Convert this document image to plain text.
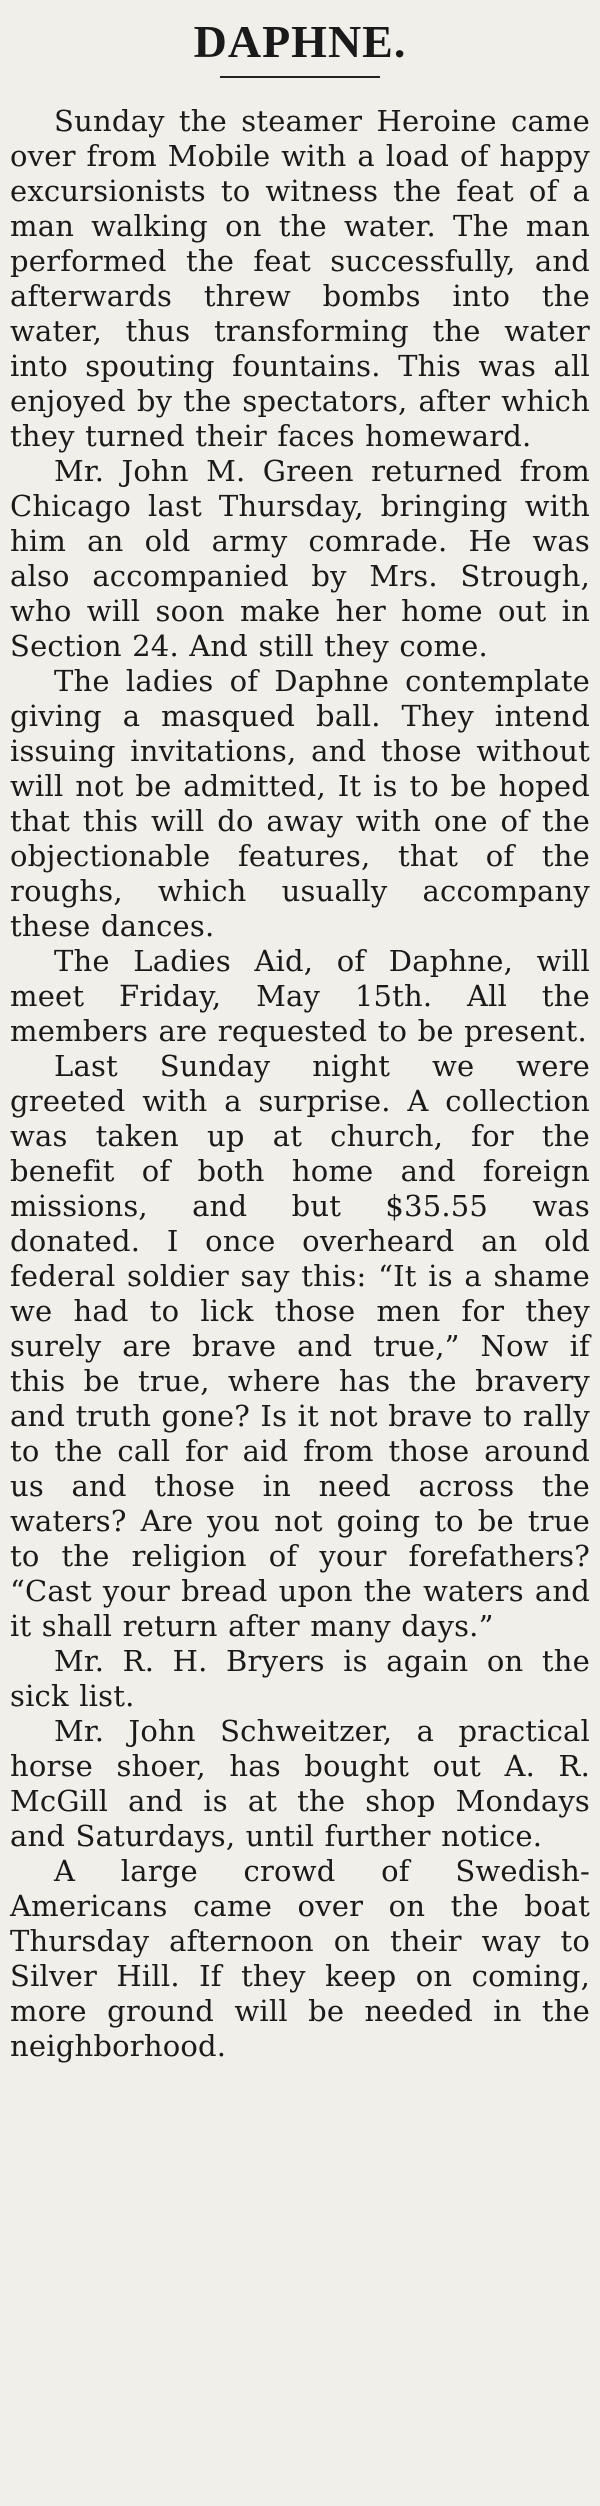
DAPHNE.

Sunday the steamer Heroine came over from Mobile with a load of happy excursionists to witness the feat of a man walking on the water. The man performed the feat successfully, and afterwards threw bombs into the water, thus transforming the water into spouting fountains. This was all enjoyed by the spectators, after which they turned their faces homeward.

Mr. John M. Green returned from Chicago last Thursday, bringing with him an old army comrade. He was also accompanied by Mrs. Strough, who will soon make her home out in Section 24. And still they come.

The ladies of Daphne contemplate giving a masqued ball. They intend issuing invitations, and those without will not be admitted, It is to be hoped that this will do away with one of the objectionable features, that of the roughs, which usually accompany these dances.

The Ladies Aid, of Daphne, will meet Friday, May 15th. All the members are requested to be present.

Last Sunday night we were greeted with a surprise. A collection was taken up at church, for the benefit of both home and foreign missions, and but $35.55 was donated. I once overheard an old federal soldier say this: “It is a shame we had to lick those men for they surely are brave and true,” Now if this be true, where has the bravery and truth gone? Is it not brave to rally to the call for aid from those around us and those in need across the waters? Are you not going to be true to the religion of your forefathers? “Cast your bread upon the waters and it shall return after many days.”

Mr. R. H. Bryers is again on the sick list.

Mr. John Schweitzer, a practical horse shoer, has bought out A. R. McGill and is at the shop Mondays and Saturdays, until further notice.

A large crowd of Swedish-Americans came over on the boat Thursday afternoon on their way to Silver Hill. If they keep on coming, more ground will be needed in the neighborhood.
